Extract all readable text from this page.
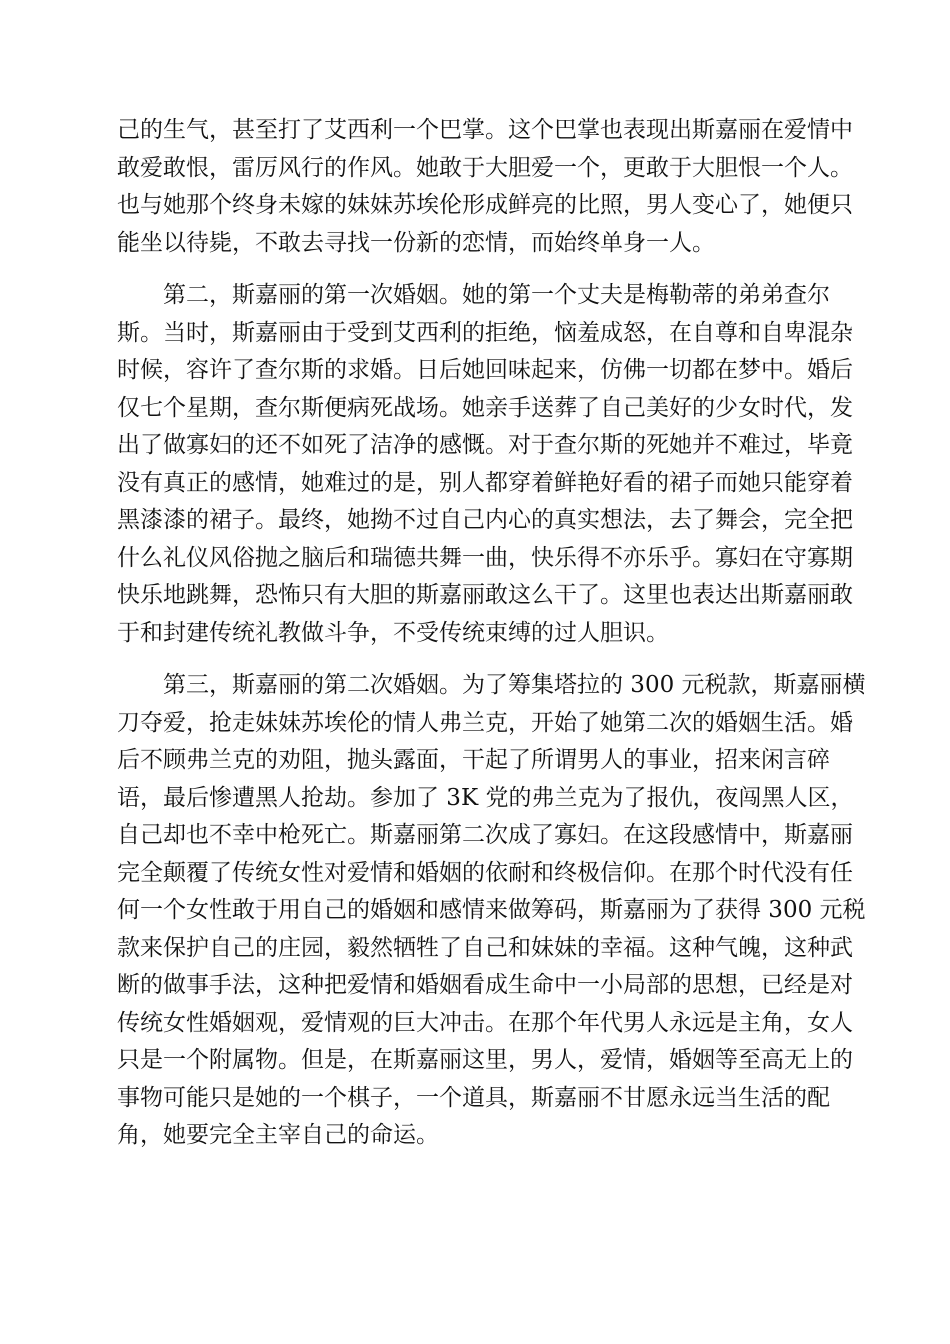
己的生气，甚至打了艾西利一个巴掌。这个巴掌也表现出斯嘉丽在爱情中
敢爱敢恨，雷厉风行的作风。她敢于大胆爱一个，更敢于大胆恨一个人。
也与她那个终身未嫁的妹妹苏埃伦形成鲜亮的比照，男人变心了，她便只
能坐以待毙，不敢去寻找一份新的恋情，而始终单身一人。
　　第二，斯嘉丽的第一次婚姻。她的第一个丈夫是梅勒蒂的弟弟查尔
斯。当时，斯嘉丽由于受到艾西利的拒绝，恼羞成怒，在自尊和自卑混杂
时候，容许了查尔斯的求婚。日后她回味起来，仿佛一切都在梦中。婚后
仅七个星期，查尔斯便病死战场。她亲手送葬了自己美好的少女时代，发
出了做寡妇的还不如死了洁净的感慨。对于查尔斯的死她并不难过，毕竟
没有真正的感情，她难过的是，别人都穿着鲜艳好看的裙子而她只能穿着
黑漆漆的裙子。最终，她拗不过自己内心的真实想法，去了舞会，完全把
什么礼仪风俗抛之脑后和瑞德共舞一曲，快乐得不亦乐乎。寡妇在守寡期
快乐地跳舞，恐怖只有大胆的斯嘉丽敢这么干了。这里也表达出斯嘉丽敢
于和封建传统礼教做斗争，不受传统束缚的过人胆识。
　　第三，斯嘉丽的第二次婚姻。为了筹集塔拉的 300 元税款，斯嘉丽横
刀夺爱，抢走妹妹苏埃伦的情人弗兰克，开始了她第二次的婚姻生活。婚
后不顾弗兰克的劝阻，抛头露面，干起了所谓男人的事业，招来闲言碎
语，最后惨遭黑人抢劫。参加了 3K 党的弗兰克为了报仇，夜闯黑人区，
自己却也不幸中枪死亡。斯嘉丽第二次成了寡妇。在这段感情中，斯嘉丽
完全颠覆了传统女性对爱情和婚姻的依耐和终极信仰。在那个时代没有任
何一个女性敢于用自己的婚姻和感情来做筹码，斯嘉丽为了获得 300 元税
款来保护自己的庄园，毅然牺牲了自己和妹妹的幸福。这种气魄，这种武
断的做事手法，这种把爱情和婚姻看成生命中一小局部的思想，已经是对
传统女性婚姻观，爱情观的巨大冲击。在那个年代男人永远是主角，女人
只是一个附属物。但是，在斯嘉丽这里，男人，爱情，婚姻等至高无上的
事物可能只是她的一个棋子，一个道具，斯嘉丽不甘愿永远当生活的配
角，她要完全主宰自己的命运。
